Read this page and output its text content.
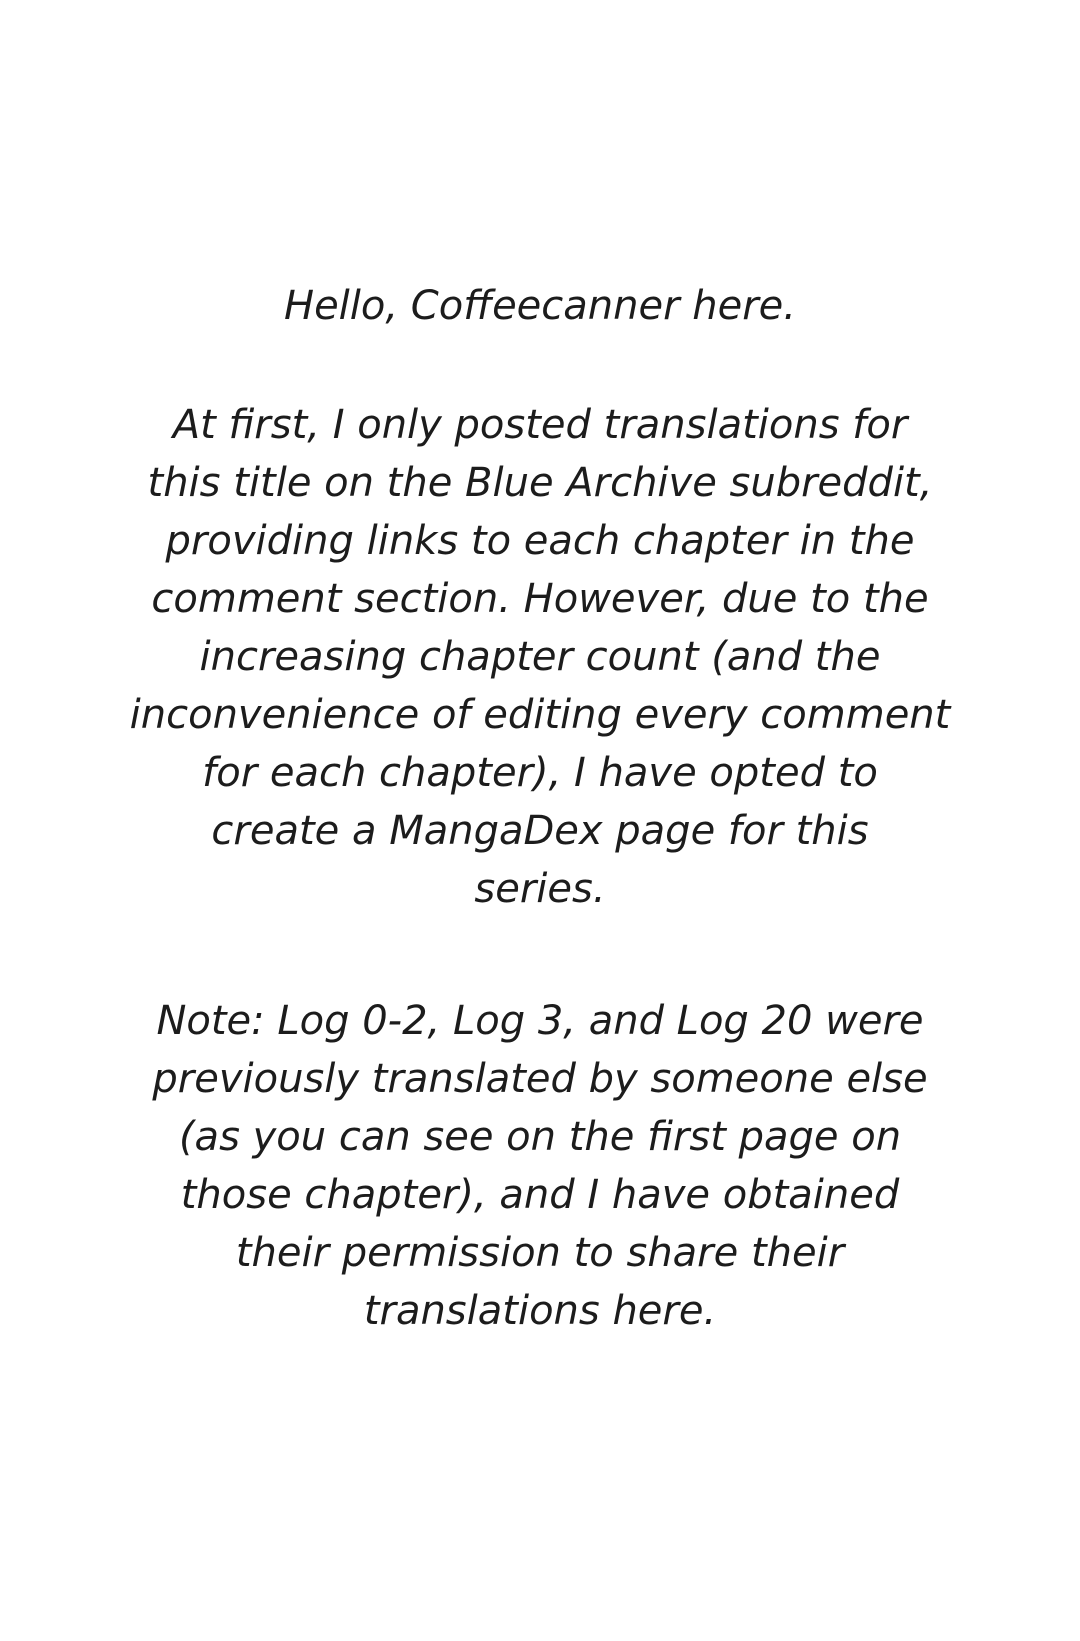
Hello, Coffeecanner here.
At first, I only posted translations for
this title on the Blue Archive subreddit,
providing links to each chapter in the
comment section. However, due to the
increasing chapter count (and the
inconvenience of editing every comment
for each chapter), I have opted to
create a MangaDex page for this
series.
Note: Log 0-2, Log 3, and Log 20 were
previously translated by someone else
(as you can see on the first page on
those chapter), and I have obtained
their permission to share their
translations here.
